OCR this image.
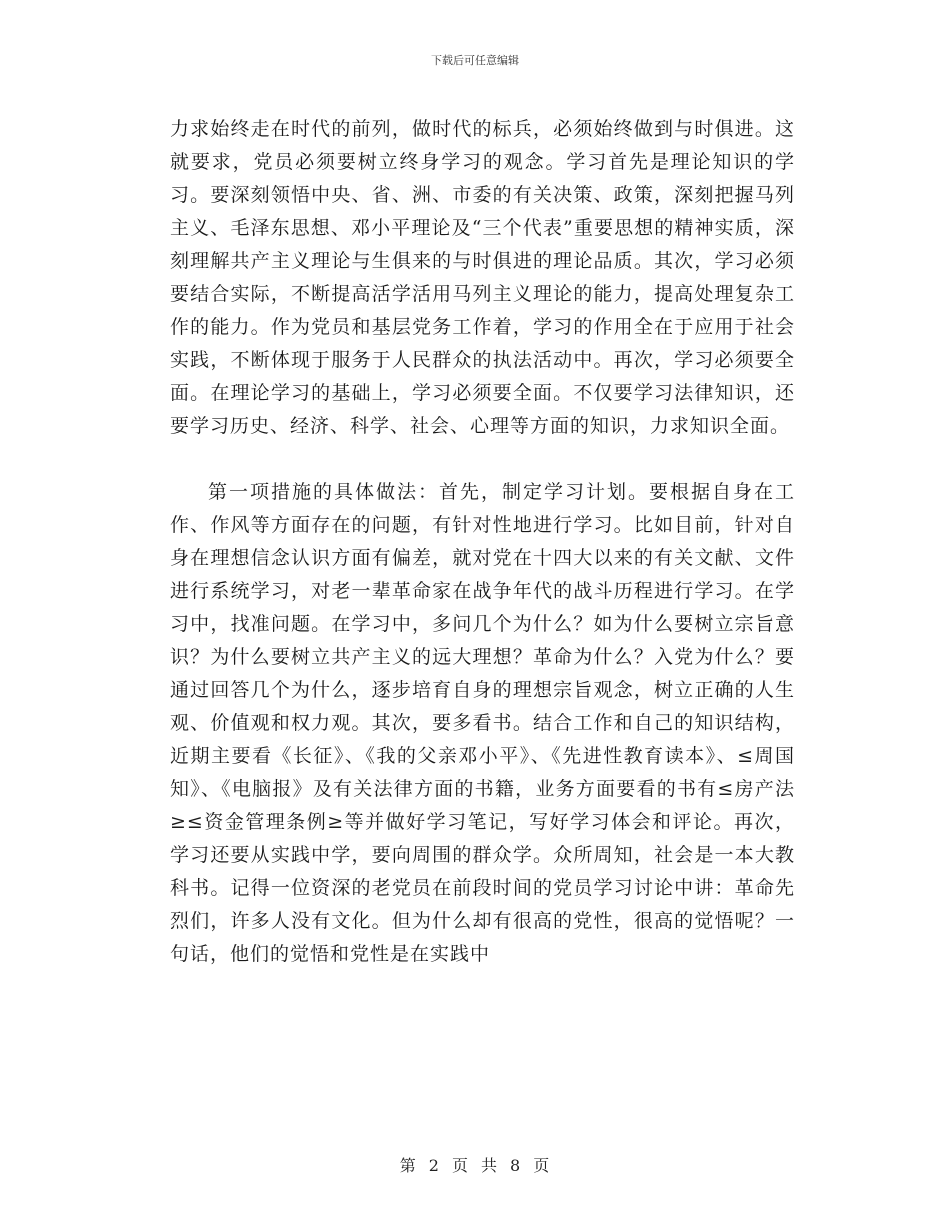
下载后可任意编辑

力求始终走在时代的前列，做时代的标兵，必须始终做到与时俱进。这就要求，党员必须要树立终身学习的观念。学习首先是理论知识的学习。要深刻领悟中央、省、洲、市委的有关决策、政策，深刻把握马列主义、毛泽东思想、邓小平理论及“三个代表”重要思想的精神实质，深刻理解共产主义理论与生俱来的与时俱进的理论品质。其次，学习必须要结合实际，不断提高活学活用马列主义理论的能力，提高处理复杂工作的能力。作为党员和基层党务工作着，学习的作用全在于应用于社会实践，不断体现于服务于人民群众的执法活动中。再次，学习必须要全面。在理论学习的基础上，学习必须要全面。不仅要学习法律知识，还要学习历史、经济、科学、社会、心理等方面的知识，力求知识全面。

第一项措施的具体做法：首先，制定学习计划。要根据自身在工作、作风等方面存在的问题，有针对性地进行学习。比如目前，针对自身在理想信念认识方面有偏差，就对党在十四大以来的有关文献、文件进行系统学习，对老一辈革命家在战争年代的战斗历程进行学习。在学习中，找准问题。在学习中，多问几个为什么？如为什么要树立宗旨意识？为什么要树立共产主义的远大理想？革命为什么？入党为什么？要通过回答几个为什么，逐步培育自身的理想宗旨观念，树立正确的人生观、价值观和权力观。其次，要多看书。结合工作和自己的知识结构，近期主要看《长征》、《我的父亲邓小平》、《先进性教育读本》、≤周国知》、《电脑报》及有关法律方面的书籍，业务方面要看的书有≤房产法≥≤资金管理条例≥等并做好学习笔记，写好学习体会和评论。再次，学习还要从实践中学，要向周围的群众学。众所周知，社会是一本大教科书。记得一位资深的老党员在前段时间的党员学习讨论中讲：革命先烈们，许多人没有文化。但为什么却有很高的党性，很高的觉悟呢？一句话，他们的觉悟和党性是在实践中

第 2 页 共 8 页
